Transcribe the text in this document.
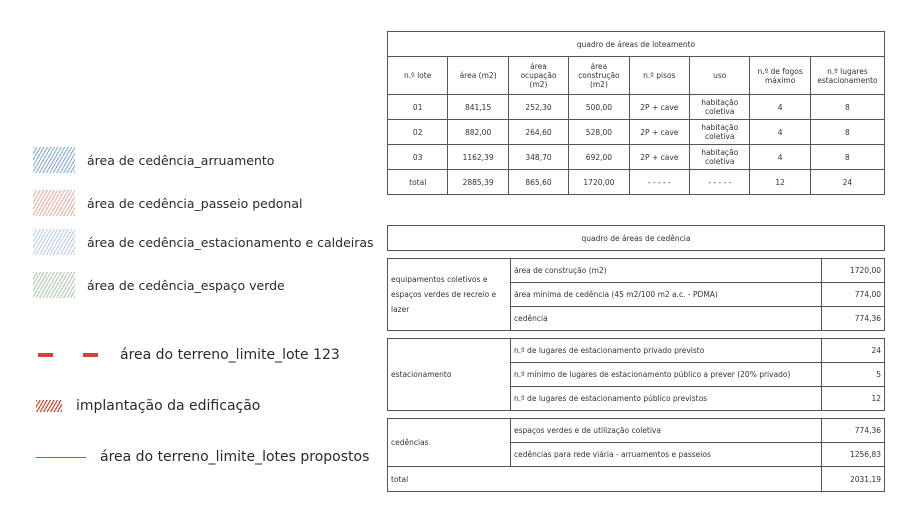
área de cedência_arruamento
área de cedência_passeio pedonal
área de cedência_estacionamento e caldeiras
área de cedência_espaço verde
área do terreno_limite_lote 123
implantação da edificação
área do terreno_limite_lotes propostos
quadro de áreas de loteamento							
n.º lote	área (m2)	área ocupação (m2)	área construção (m2)	n.º pisos	uso	n.º de fogos máximo	n.º lugares estacionamento
01	841,15	252,30	500,00	2P + cave	habitação coletiva	4	8
02	882,00	264,60	528,00	2P + cave	habitação coletiva	4	8
03	1162,39	348,70	692,00	2P + cave	habitação coletiva	4	8
total	2885,39	865,60	1720,00	- - - - -	- - - - -	12	24
quadro de áreas de cedência		

equipamentos coletivos e espaços verdes de recreio e lazer	área de construção (m2)	1720,00
	área mínima de cedência (45 m2/100 m2 a.c. - PDMA)	774,00
	cedência	774,36

estacionamento	n.º de lugares de estacionamento privado previsto	24
	n.º mínimo de lugares de estacionamento público a prever (20% privado)	5
	n.º de lugares de estacionamento público previstos	12

cedências	espaços verdes e de utilização coletiva	774,36
	cedências para rede viária - arruamentos e passeios	1256,83
total		2031,19
